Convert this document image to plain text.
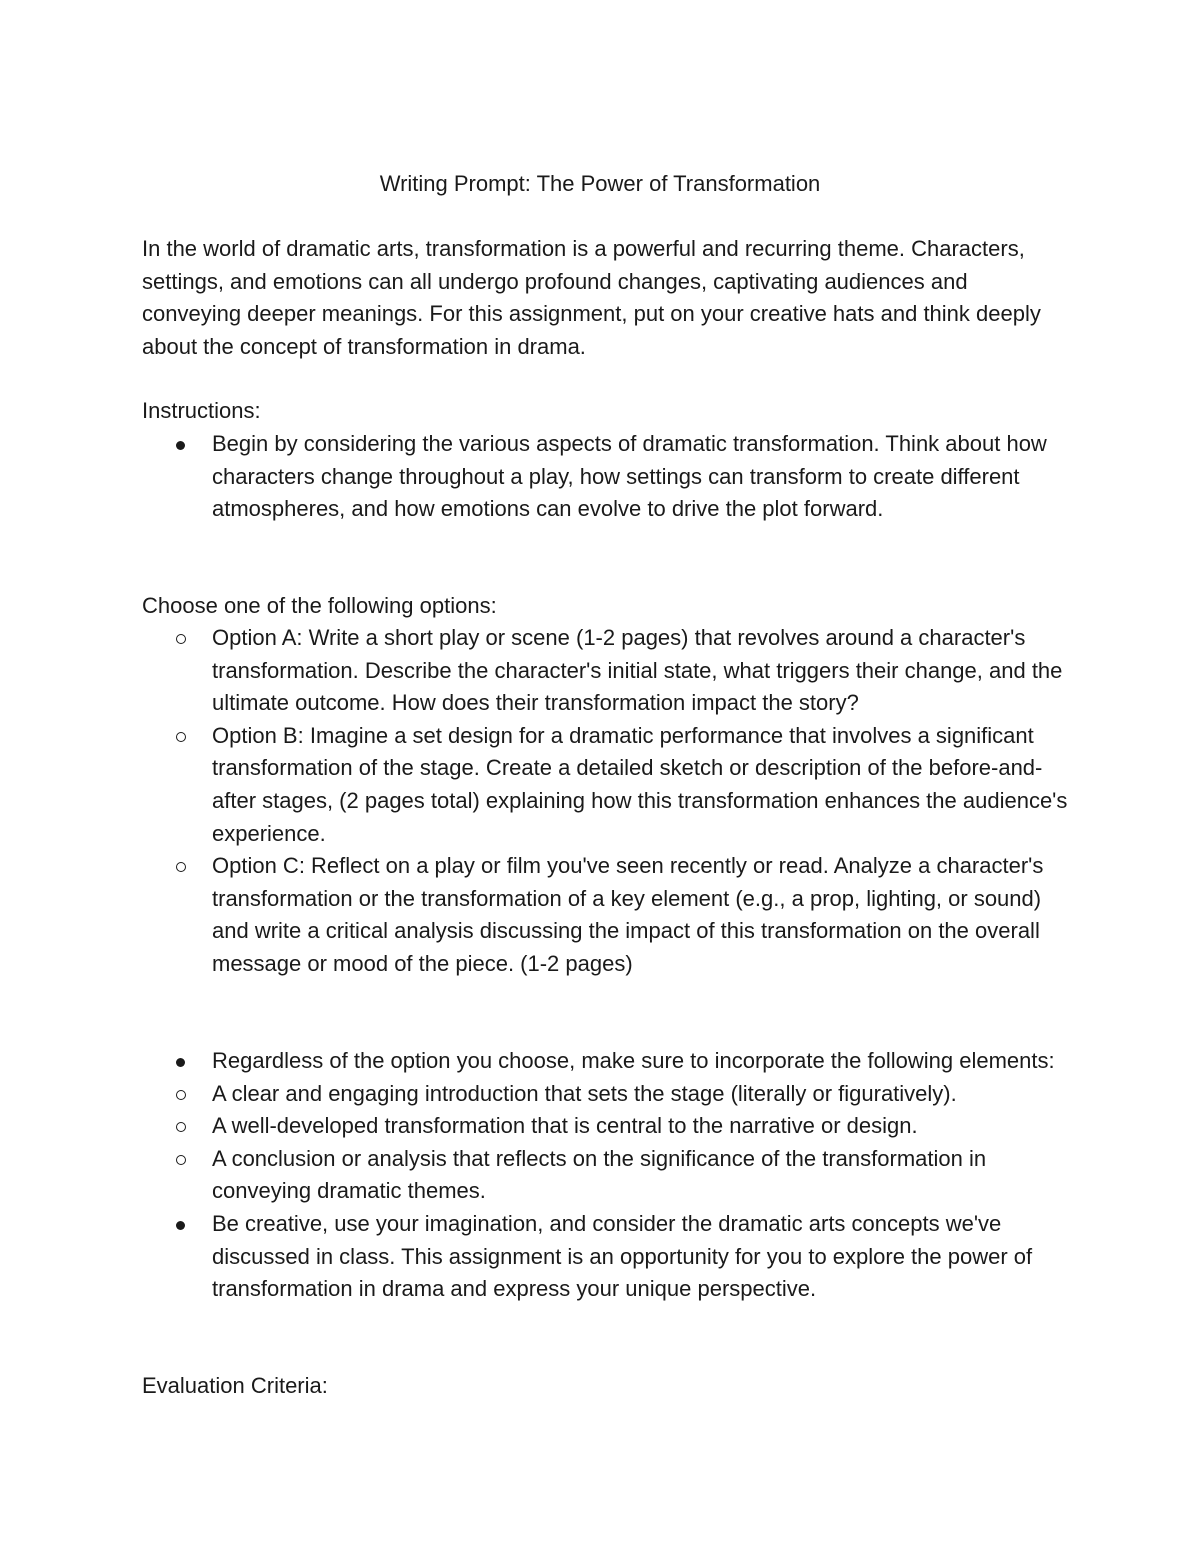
Writing Prompt: The Power of Transformation

In the world of dramatic arts, transformation is a powerful and recurring theme. Characters, settings, and emotions can all undergo profound changes, captivating audiences and conveying deeper meanings. For this assignment, put on your creative hats and think deeply about the concept of transformation in drama.

Instructions:

Begin by considering the various aspects of dramatic transformation. Think about how characters change throughout a play, how settings can transform to create different atmospheres, and how emotions can evolve to drive the plot forward.

Choose one of the following options:

Option A: Write a short play or scene (1-2 pages) that revolves around a character's transformation. Describe the character's initial state, what triggers their change, and the ultimate outcome. How does their transformation impact the story?
Option B: Imagine a set design for a dramatic performance that involves a significant transformation of the stage. Create a detailed sketch or description of the before-and-after stages, (2 pages total) explaining how this transformation enhances the audience's experience.
Option C: Reflect on a play or film you've seen recently or read. Analyze a character's transformation or the transformation of a key element (e.g., a prop, lighting, or sound) and write a critical analysis discussing the impact of this transformation on the overall message or mood of the piece. (1-2 pages)
Regardless of the option you choose, make sure to incorporate the following elements:
A clear and engaging introduction that sets the stage (literally or figuratively).
A well-developed transformation that is central to the narrative or design.
A conclusion or analysis that reflects on the significance of the transformation in conveying dramatic themes.
Be creative, use your imagination, and consider the dramatic arts concepts we've discussed in class. This assignment is an opportunity for you to explore the power of transformation in drama and express your unique perspective.

Evaluation Criteria:
